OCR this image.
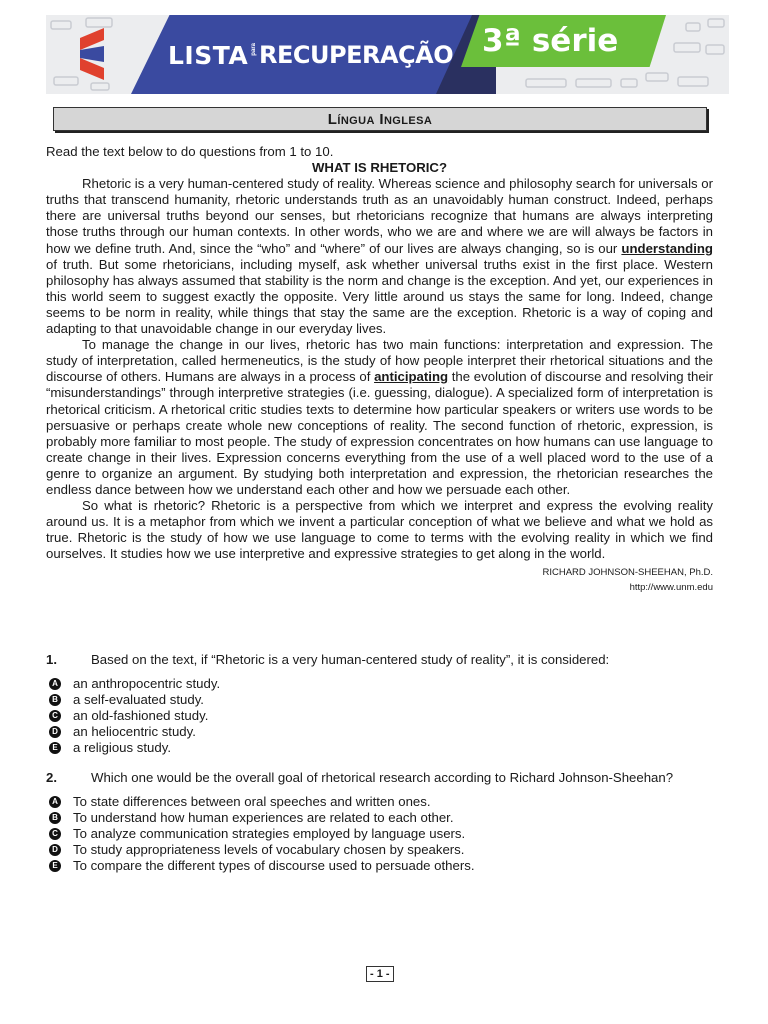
LISTA para RECUPERAÇÃO 3ª série
Língua Inglesa

Read the text below to do questions from 1 to 10.

WHAT IS RHETORIC?

Rhetoric is a very human-centered study of reality. Whereas science and philosophy search for universals or truths that transcend humanity, rhetoric understands truth as an unavoidably human construct. Indeed, perhaps there are universal truths beyond our senses, but rhetoricians recognize that humans are always interpreting those truths through our human contexts. In other words, who we are and where we are will always be factors in how we define truth. And, since the “who” and “where” of our lives are always changing, so is our understanding of truth. But some rhetoricians, including myself, ask whether universal truths exist in the first place. Western philosophy has always assumed that stability is the norm and change is the exception. And yet, our experiences in this world seem to suggest exactly the opposite. Very little around us stays the same for long. Indeed, change seems to be norm in reality, while things that stay the same are the exception. Rhetoric is a way of coping and adapting to that unavoidable change in our everyday lives.

To manage the change in our lives, rhetoric has two main functions: interpretation and expression. The study of interpretation, called hermeneutics, is the study of how people interpret their rhetorical situations and the discourse of others. Humans are always in a process of anticipating the evolution of discourse and resolving their “misunderstandings” through interpretive strategies (i.e. guessing, dialogue). A specialized form of interpretation is rhetorical criticism. A rhetorical critic studies texts to determine how particular speakers or writers use words to be persuasive or perhaps create whole new conceptions of reality. The second function of rhetoric, expression, is probably more familiar to most people. The study of expression concentrates on how humans can use language to create change in their lives. Expression concerns everything from the use of a well placed word to the use of a genre to organize an argument. By studying both interpretation and expression, the rhetorician researches the endless dance between how we understand each other and how we persuade each other.

So what is rhetoric? Rhetoric is a perspective from which we interpret and express the evolving reality around us. It is a metaphor from which we invent a particular conception of what we believe and what we hold as true. Rhetoric is the study of how we use language to come to terms with the evolving reality in which we find ourselves. It studies how we use interpretive and expressive strategies to get along in the world.

RICHARD JOHNSON-SHEEHAN, Ph.D.
http://www.unm.edu
1.	Based on the text, if “Rhetoric is a very human-centered study of reality”, it is considered:
A an anthropocentric study.
B a self-evaluated study.
C an old-fashioned study.
D an heliocentric study.
E a religious study.
2.	Which one would be the overall goal of rhetorical research according to Richard Johnson-Sheehan?
A To state differences between oral speeches and written ones.
B To understand how human experiences are related to each other.
C To analyze communication strategies employed by language users.
D To study appropriateness levels of vocabulary chosen by speakers.
E To compare the different types of discourse used to persuade others.
- 1 -
